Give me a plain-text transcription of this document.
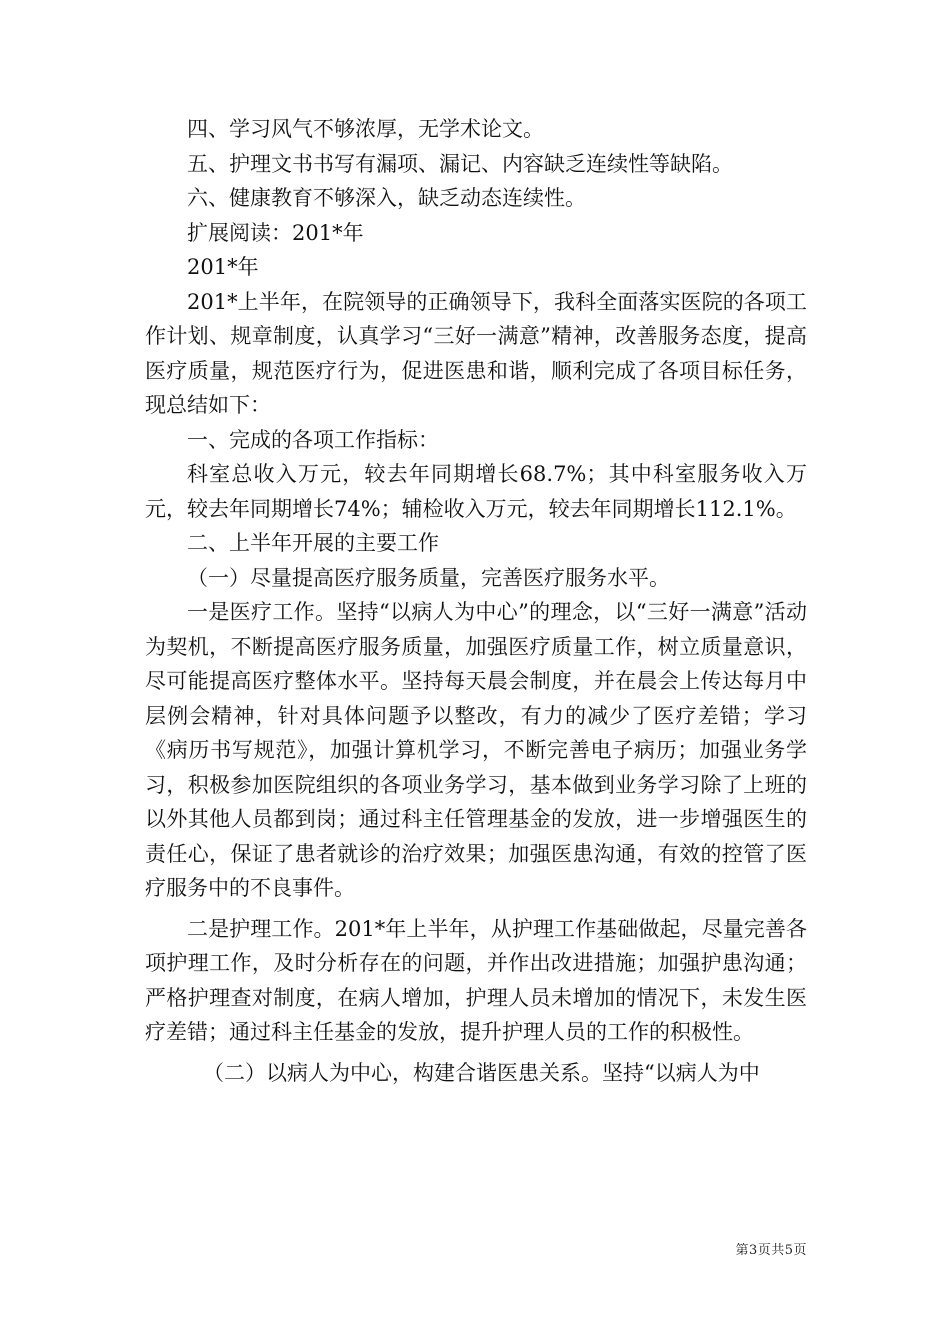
四、学习风气不够浓厚，无学术论文。

五、护理文书书写有漏项、漏记、内容缺乏连续性等缺陷。

六、健康教育不够深入，缺乏动态连续性。

扩展阅读：201*年

201*年

201*上半年，在院领导的正确领导下，我科全面落实医院的各项工作计划、规章制度，认真学习“三好一满意”精神，改善服务态度，提高医疗质量，规范医疗行为，促进医患和谐，顺利完成了各项目标任务，现总结如下：

一、完成的各项工作指标：

科室总收入万元，较去年同期增长68.7%；其中科室服务收入万元，较去年同期增长74%；辅检收入万元，较去年同期增长112.1%。

二、上半年开展的主要工作

（一）尽量提高医疗服务质量，完善医疗服务水平。

一是医疗工作。坚持“以病人为中心”的理念，以“三好一满意”活动为契机，不断提高医疗服务质量，加强医疗质量工作，树立质量意识，尽可能提高医疗整体水平。坚持每天晨会制度，并在晨会上传达每月中层例会精神，针对具体问题予以整改，有力的减少了医疗差错；学习《病历书写规范》，加强计算机学习，不断完善电子病历；加强业务学习，积极参加医院组织的各项业务学习，基本做到业务学习除了上班的以外其他人员都到岗；通过科主任管理基金的发放，进一步增强医生的责任心，保证了患者就诊的治疗效果；加强医患沟通，有效的控管了医疗服务中的不良事件。

二是护理工作。201*年上半年，从护理工作基础做起，尽量完善各项护理工作，及时分析存在的问题，并作出改进措施；加强护患沟通；严格护理查对制度，在病人增加，护理人员未增加的情况下，未发生医疗差错；通过科主任基金的发放，提升护理人员的工作的积极性。

（二）以病人为中心，构建合谐医患关系。坚持“以病人为中

第3页共5页
